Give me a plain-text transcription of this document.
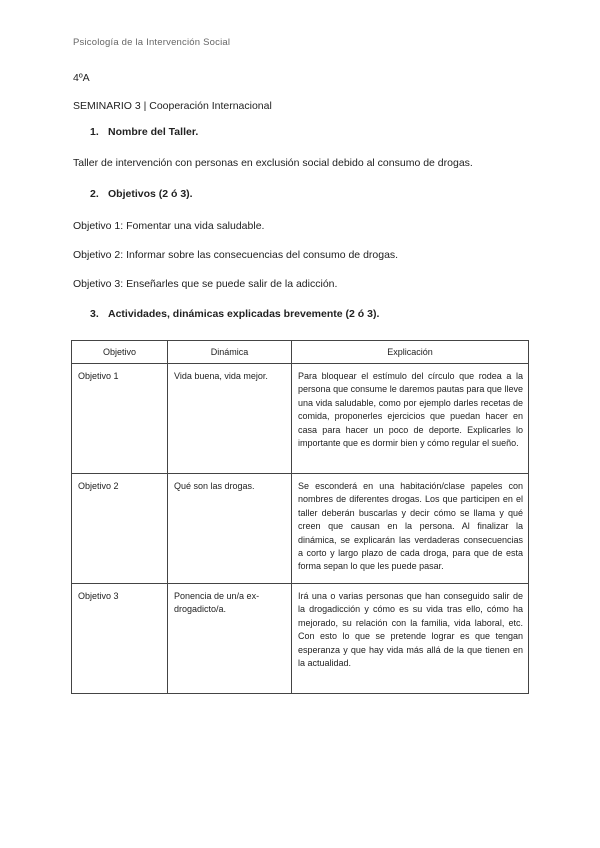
Psicología de la Intervención Social
4ºA
SEMINARIO 3 | Cooperación Internacional
1. Nombre del Taller.
Taller de intervención con personas en exclusión social debido al consumo de drogas.
2. Objetivos (2 ó 3).
Objetivo 1: Fomentar una vida saludable.
Objetivo 2: Informar sobre las consecuencias del consumo de drogas.
Objetivo 3: Enseñarles que se puede salir de la adicción.
3. Actividades, dinámicas explicadas brevemente (2 ó 3).
Objetivo	Dinámica	Explicación
Objetivo 1	Vida buena, vida mejor.	Para bloquear el estímulo del círculo que rodea a la persona que consume le daremos pautas para que lleve una vida saludable, como por ejemplo darles recetas de comida, proponerles ejercicios que puedan hacer en casa para hacer un poco de deporte. Explicarles lo importante que es dormir bien y cómo regular el sueño.
Objetivo 2	Qué son las drogas.	Se esconderá en una habitación/clase papeles con nombres de diferentes drogas. Los que participen en el taller deberán buscarlas y decir cómo se llama y qué creen que causan en la persona. Al finalizar la dinámica, se explicarán las verdaderas consecuencias a corto y largo plazo de cada droga, para que de esta forma sepan lo que les puede pasar.
Objetivo 3	Ponencia de un/a ex- drogadicto/a.	Irá una o varias personas que han conseguido salir de la drogadicción y cómo es su vida tras ello, cómo ha mejorado, su relación con la familia, vida laboral, etc. Con esto lo que se pretende lograr es que tengan esperanza y que hay vida más allá de la que tienen en la actualidad.
